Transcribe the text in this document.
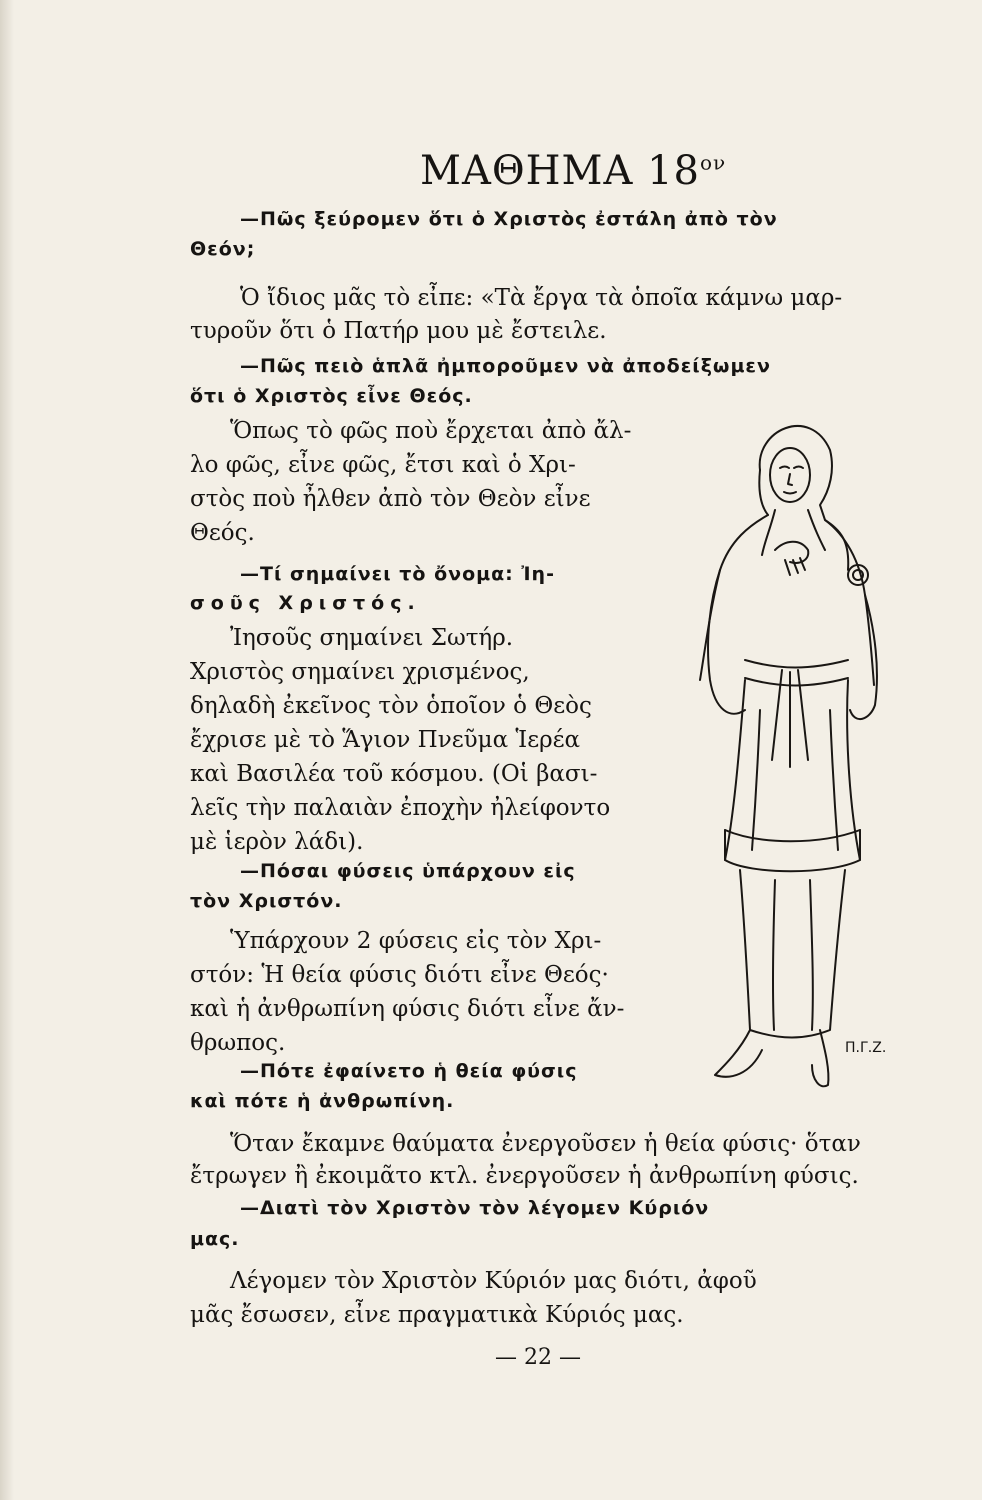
ΜΑΘΗΜΑ $18^{o\nu}$
—Πῶς ξεύρομεν ὅτι ὁ Χριστὸς ἐστάλη ἀπὸ τὸν
Θεόν;
Ὁ ἴδιος μᾶς τὸ εἶπε: «Τὰ ἔργα τὰ ὁποῖα κάμνω μαρ-
τυροῦν ὅτι ὁ Πατήρ μου μὲ ἔστειλε.
—Πῶς πειὸ ἁπλᾶ ἠμποροῦμεν νὰ ἀποδείξωμεν
ὅτι ὁ Χριστὸς εἶνε Θεός.
Ὅπως τὸ φῶς ποὺ ἔρχεται ἀπὸ ἄλ-
λο φῶς, εἶνε φῶς, ἔτσι καὶ ὁ Χρι-
στὸς ποὺ ἦλθεν ἀπὸ τὸν Θεὸν εἶνε
Θεός.
—Τί σημαίνει τὸ ὄνομα: Ἰη-
σοῦς Χριστός.
Ἰησοῦς σημαίνει Σωτήρ.
Χριστὸς σημαίνει χρισμένος,
δηλαδὴ ἐκεῖνος τὸν ὁποῖον ὁ Θεὸς
ἔχρισε μὲ τὸ Ἅγιον Πνεῦμα Ἱερέα
καὶ Βασιλέα τοῦ κόσμου. (Οἱ βασι-
λεῖς τὴν παλαιὰν ἐποχὴν ἠλείφοντο
μὲ ἱερὸν λάδι).
—Πόσαι φύσεις ὑπάρχουν εἰς
τὸν Χριστόν.
Ὑπάρχουν 2 φύσεις εἰς τὸν Χρι-
στόν: Ἡ θεία φύσις διότι εἶνε Θεός·
καὶ ἡ ἀνθρωπίνη φύσις διότι εἶνε ἄν-
θρωπος.
—Πότε ἐφαίνετο ἡ θεία φύσις
καὶ πότε ἡ ἀνθρωπίνη.
Ὅταν ἔκαμνε θαύματα ἐνεργοῦσεν ἡ θεία φύσις· ὅταν
ἔτρωγεν ἢ ἐκοιμᾶτο κτλ. ἐνεργοῦσεν ἡ ἀνθρωπίνη φύσις.
—Διατὶ τὸν Χριστὸν τὸν λέγομεν Κύριόν
μας.
Λέγομεν τὸν Χριστὸν Κύριόν μας διότι, ἀφοῦ
μᾶς ἔσωσεν, εἶνε πραγματικὰ Κύριός μας.
Π.Γ.Ζ.
— 22 —
